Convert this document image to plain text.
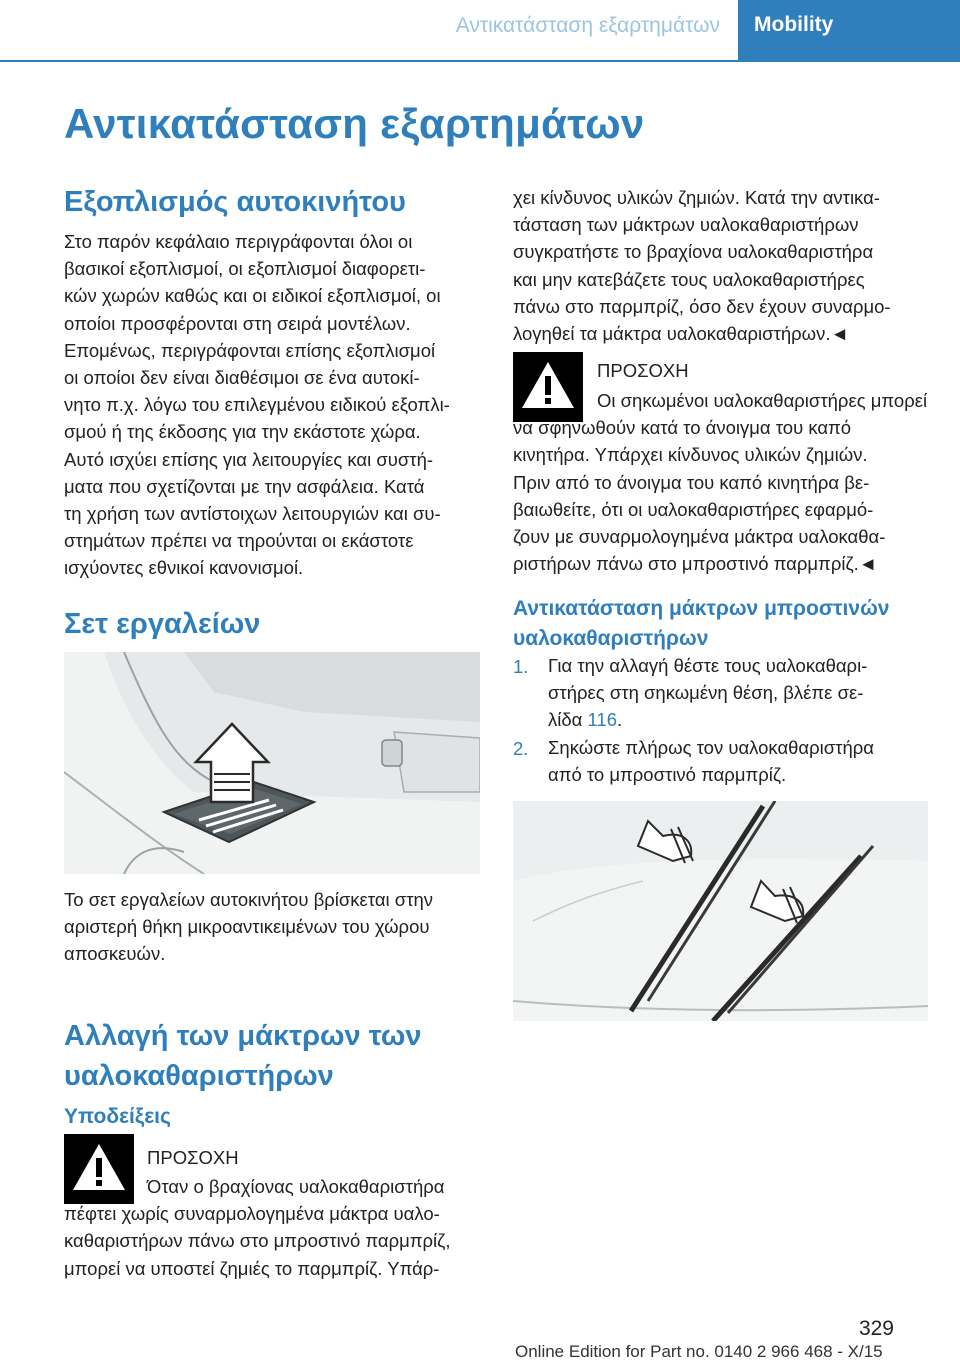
Αντικατάσταση εξαρτημάτων	Mobility
Αντικατάσταση εξαρτημάτων
Εξοπλισμός αυτοκινήτου
Στο παρόν κεφάλαιο περιγράφονται όλοι οι
βασικοί εξοπλισμοί, οι εξοπλισμοί διαφορετι-
κών χωρών καθώς και οι ειδικοί εξοπλισμοί, οι
οποίοι προσφέρονται στη σειρά μοντέλων.
Επομένως, περιγράφονται επίσης εξοπλισμοί
οι οποίοι δεν είναι διαθέσιμοι σε ένα αυτοκί-
νητο π.χ. λόγω του επιλεγμένου ειδικού εξοπλι-
σμού ή της έκδοσης για την εκάστοτε χώρα.
Αυτό ισχύει επίσης για λειτουργίες και συστή-
ματα που σχετίζονται με την ασφάλεια. Κατά
τη χρήση των αντίστοιχων λειτουργιών και συ-
στημάτων πρέπει να τηρούνται οι εκάστοτε
ισχύοντες εθνικοί κανονισμοί.
Σετ εργαλείων
Το σετ εργαλείων αυτοκινήτου βρίσκεται στην
αριστερή θήκη μικροαντικειμένων του χώρου
αποσκευών.
Αλλαγή των μάκτρων των
υαλοκαθαριστήρων
Υποδείξεις
ΠΡΟΣΟΧΗ
Όταν ο βραχίονας υαλοκαθαριστήρα
πέφτει χωρίς συναρμολογημένα μάκτρα υαλο-
καθαριστήρων πάνω στο μπροστινό παρμπρίζ,
μπορεί να υποστεί ζημιές το παρμπρίζ. Υπάρ-
χει κίνδυνος υλικών ζημιών. Κατά την αντικα-
τάσταση των μάκτρων υαλοκαθαριστήρων
συγκρατήστε το βραχίονα υαλοκαθαριστήρα
και μην κατεβάζετε τους υαλοκαθαριστήρες
πάνω στο παρμπρίζ, όσο δεν έχουν συναρμο-
λογηθεί τα μάκτρα υαλοκαθαριστήρων.◄
ΠΡΟΣΟΧΗ
Οι σηκωμένοι υαλοκαθαριστήρες μπορεί
να σφηνωθούν κατά το άνοιγμα του καπό
κινητήρα. Υπάρχει κίνδυνος υλικών ζημιών.
Πριν από το άνοιγμα του καπό κινητήρα βε-
βαιωθείτε, ότι οι υαλοκαθαριστήρες εφαρμό-
ζουν με συναρμολογημένα μάκτρα υαλοκαθα-
ριστήρων πάνω στο μπροστινό παρμπρίζ.◄
Αντικατάσταση μάκτρων μπροστινών
υαλοκαθαριστήρων
1. Για την αλλαγή θέστε τους υαλοκαθαρι-
στήρες στη σηκωμένη θέση, βλέπε σε-
λίδα 116.
2. Σηκώστε πλήρως τον υαλοκαθαριστήρα
από το μπροστινό παρμπρίζ.
329
Online Edition for Part no. 0140 2 966 468 - X/15
